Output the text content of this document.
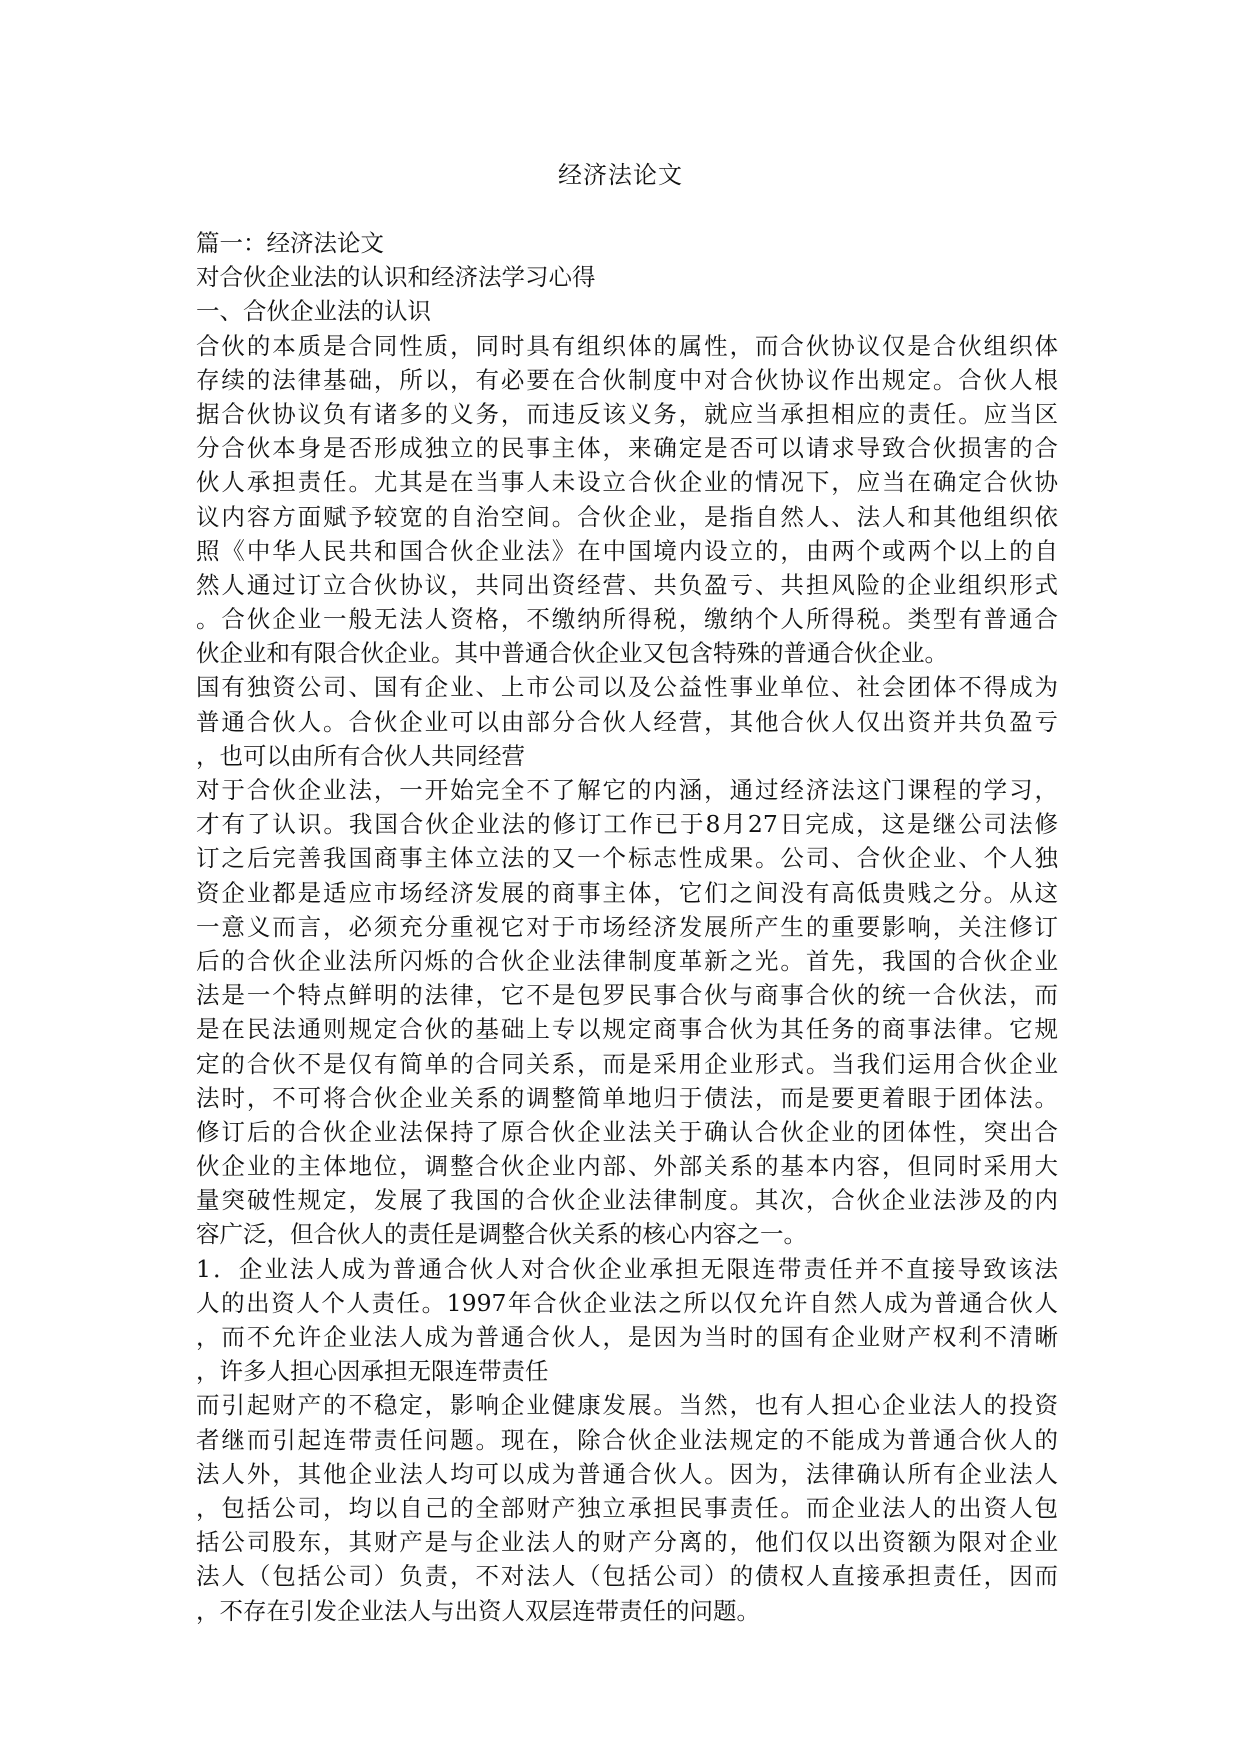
经济法论文
篇一：经济法论文
对合伙企业法的认识和经济法学习心得
一、合伙企业法的认识
合伙的本质是合同性质，同时具有组织体的属性，而合伙协议仅是合伙组织体
存续的法律基础，所以，有必要在合伙制度中对合伙协议作出规定。合伙人根
据合伙协议负有诸多的义务，而违反该义务，就应当承担相应的责任。应当区
分合伙本身是否形成独立的民事主体，来确定是否可以请求导致合伙损害的合
伙人承担责任。尤其是在当事人未设立合伙企业的情况下，应当在确定合伙协
议内容方面赋予较宽的自治空间。合伙企业，是指自然人、法人和其他组织依
照《中华人民共和国合伙企业法》在中国境内设立的，由两个或两个以上的自
然人通过订立合伙协议，共同出资经营、共负盈亏、共担风险的企业组织形式
。合伙企业一般无法人资格，不缴纳所得税，缴纳个人所得税。类型有普通合
伙企业和有限合伙企业。其中普通合伙企业又包含特殊的普通合伙企业。
国有独资公司、国有企业、上市公司以及公益性事业单位、社会团体不得成为
普通合伙人。合伙企业可以由部分合伙人经营，其他合伙人仅出资并共负盈亏
，也可以由所有合伙人共同经营
对于合伙企业法，一开始完全不了解它的内涵，通过经济法这门课程的学习，
才有了认识。我国合伙企业法的修订工作已于8月27日完成，这是继公司法修
订之后完善我国商事主体立法的又一个标志性成果。公司、合伙企业、个人独
资企业都是适应市场经济发展的商事主体，它们之间没有高低贵贱之分。从这
一意义而言，必须充分重视它对于市场经济发展所产生的重要影响，关注修订
后的合伙企业法所闪烁的合伙企业法律制度革新之光。首先，我国的合伙企业
法是一个特点鲜明的法律，它不是包罗民事合伙与商事合伙的统一合伙法，而
是在民法通则规定合伙的基础上专以规定商事合伙为其任务的商事法律。它规
定的合伙不是仅有简单的合同关系，而是采用企业形式。当我们运用合伙企业
法时，不可将合伙企业关系的调整简单地归于债法，而是要更着眼于团体法。
修订后的合伙企业法保持了原合伙企业法关于确认合伙企业的团体性，突出合
伙企业的主体地位，调整合伙企业内部、外部关系的基本内容，但同时采用大
量突破性规定，发展了我国的合伙企业法律制度。其次，合伙企业法涉及的内
容广泛，但合伙人的责任是调整合伙关系的核心内容之一。
1．企业法人成为普通合伙人对合伙企业承担无限连带责任并不直接导致该法
人的出资人个人责任。1997年合伙企业法之所以仅允许自然人成为普通合伙人
，而不允许企业法人成为普通合伙人，是因为当时的国有企业财产权利不清晰
，许多人担心因承担无限连带责任
而引起财产的不稳定，影响企业健康发展。当然，也有人担心企业法人的投资
者继而引起连带责任问题。现在，除合伙企业法规定的不能成为普通合伙人的
法人外，其他企业法人均可以成为普通合伙人。因为，法律确认所有企业法人
，包括公司，均以自己的全部财产独立承担民事责任。而企业法人的出资人包
括公司股东，其财产是与企业法人的财产分离的，他们仅以出资额为限对企业
法人（包括公司）负责，不对法人（包括公司）的债权人直接承担责任，因而
，不存在引发企业法人与出资人双层连带责任的问题。
